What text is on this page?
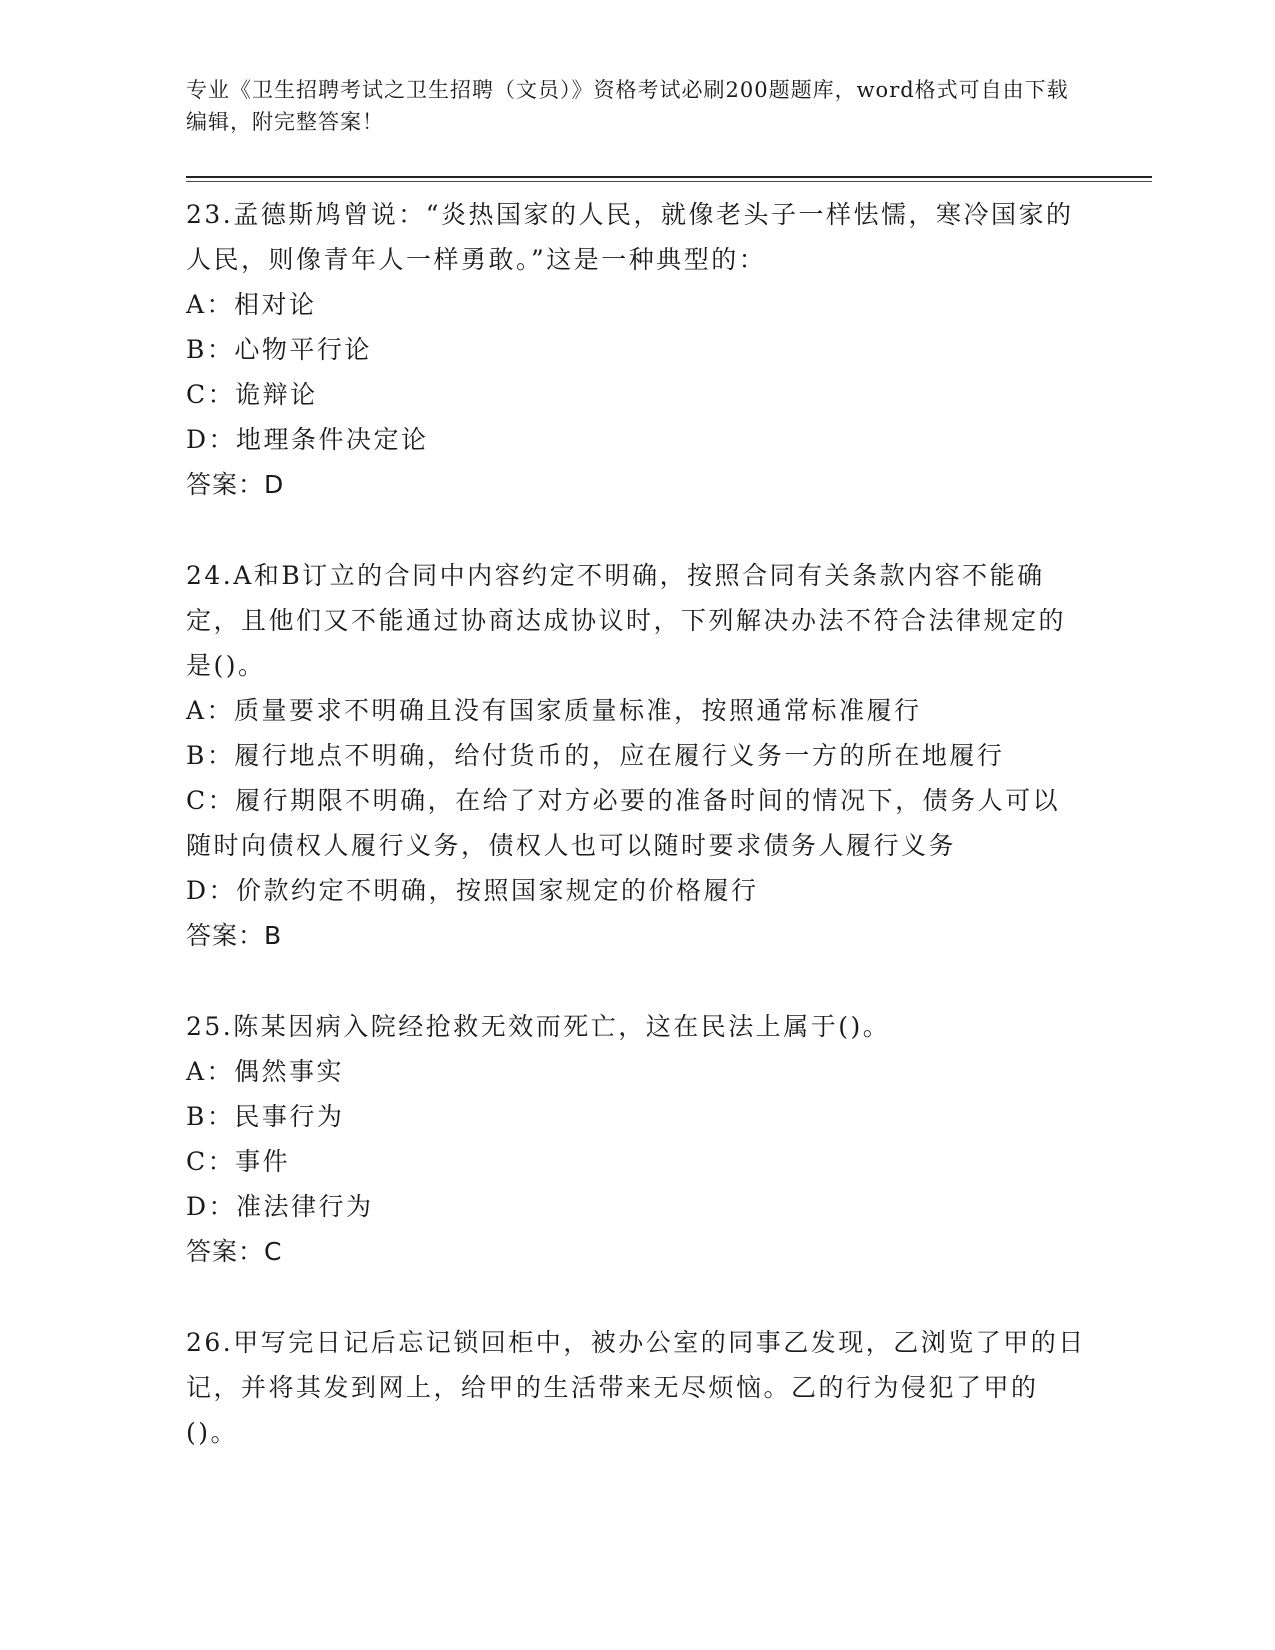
专业《卫生招聘考试之卫生招聘（文员）》资格考试必刷200题题库，word格式可自由下载编辑，附完整答案！
23.孟德斯鸠曾说：“炎热国家的人民，就像老头子一样怯懦，寒冷国家的人民，则像青年人一样勇敢。”这是一种典型的：
A：相对论
B：心物平行论
C：诡辩论
D：地理条件决定论
答案：D
24.A和B订立的合同中内容约定不明确，按照合同有关条款内容不能确定，且他们又不能通过协商达成协议时，下列解决办法不符合法律规定的是()。
A：质量要求不明确且没有国家质量标准，按照通常标准履行
B：履行地点不明确，给付货币的，应在履行义务一方的所在地履行
C：履行期限不明确，在给了对方必要的准备时间的情况下，债务人可以随时向债权人履行义务，债权人也可以随时要求债务人履行义务
D：价款约定不明确，按照国家规定的价格履行
答案：B
25.陈某因病入院经抢救无效而死亡，这在民法上属于()。
A：偶然事实
B：民事行为
C：事件
D：准法律行为
答案：C
26.甲写完日记后忘记锁回柜中，被办公室的同事乙发现，乙浏览了甲的日记，并将其发到网上，给甲的生活带来无尽烦恼。乙的行为侵犯了甲的()。
